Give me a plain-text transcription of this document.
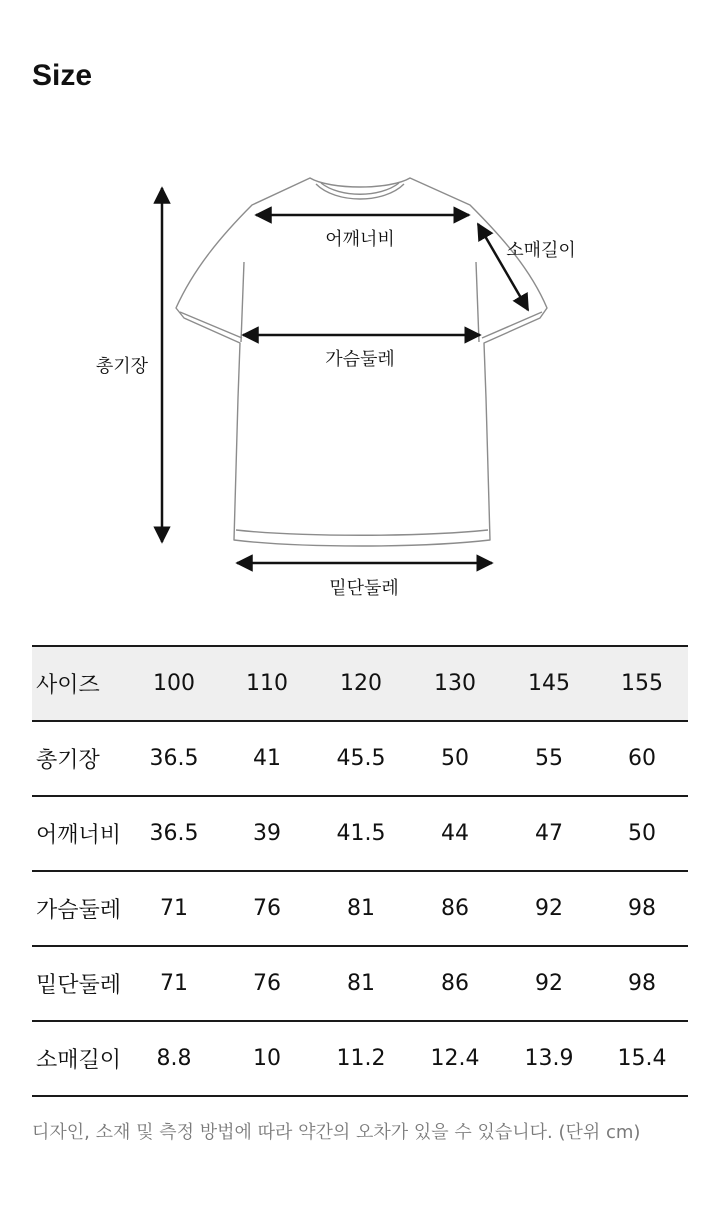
Size
어깨너비
소매길이
총기장	가슴둘레
밑단둘레
사이즈	100	110	120	130	145	155
총기장	36.5	41	45.5	50	55	60
어깨너비	36.5	39	41.5	44	47	50
가슴둘레	71	76	81	86	92	98
밑단둘레	71	76	81	86	92	98
소매길이	8.8	10	11.2	12.4	13.9	15.4
디자인, 소재 및 측정 방법에 따라 약간의 오차가 있을 수 있습니다. (단위 cm)
